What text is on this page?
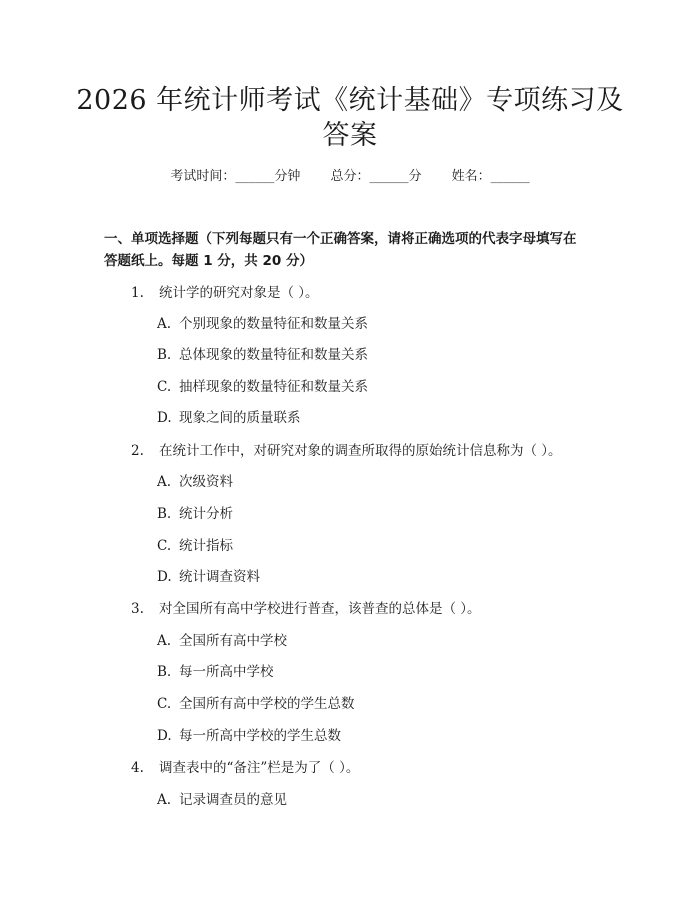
2026 年统计师考试《统计基础》专项练习及
答案
考试时间：______分钟 总分：______分 姓名：______
一、单项选择题（下列每题只有一个正确答案，请将正确选项的代表字母填写在
答题纸上。每题 1 分，共 20 分）
1. 统计学的研究对象是（ ）。
A. 个别现象的数量特征和数量关系
B. 总体现象的数量特征和数量关系
C. 抽样现象的数量特征和数量关系
D. 现象之间的质量联系
2. 在统计工作中，对研究对象的调查所取得的原始统计信息称为（ ）。
A. 次级资料
B. 统计分析
C. 统计指标
D. 统计调查资料
3. 对全国所有高中学校进行普查，该普查的总体是（ ）。
A. 全国所有高中学校
B. 每一所高中学校
C. 全国所有高中学校的学生总数
D. 每一所高中学校的学生总数
4. 调查表中的“备注”栏是为了（ ）。
A. 记录调查员的意见
